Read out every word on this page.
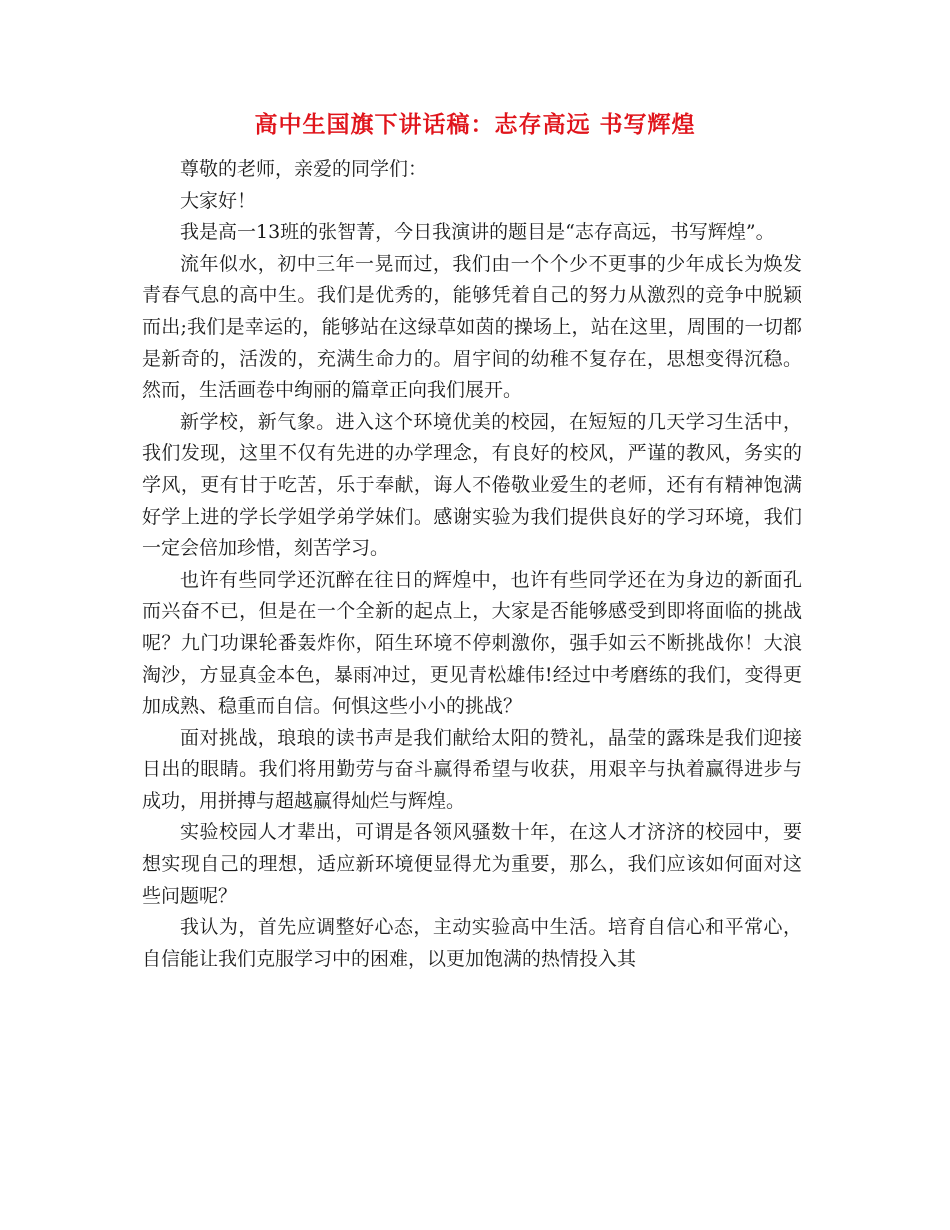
高中生国旗下讲话稿：志存高远 书写辉煌

尊敬的老师，亲爱的同学们：

大家好！

我是高一13班的张智菁，今日我演讲的题目是“志存高远，书写辉煌”。

流年似水，初中三年一晃而过，我们由一个个少不更事的少年成长为焕发青春气息的高中生。我们是优秀的，能够凭着自己的努力从激烈的竞争中脱颖而出;我们是幸运的，能够站在这绿草如茵的操场上，站在这里，周围的一切都是新奇的，活泼的，充满生命力的。眉宇间的幼稚不复存在，思想变得沉稳。然而，生活画卷中绚丽的篇章正向我们展开。

新学校，新气象。进入这个环境优美的校园，在短短的几天学习生活中，我们发现，这里不仅有先进的办学理念，有良好的校风，严谨的教风，务实的学风，更有甘于吃苦，乐于奉献，诲人不倦敬业爱生的老师，还有有精神饱满好学上进的学长学姐学弟学妹们。感谢实验为我们提供良好的学习环境，我们一定会倍加珍惜，刻苦学习。

也许有些同学还沉醉在往日的辉煌中，也许有些同学还在为身边的新面孔而兴奋不已，但是在一个全新的起点上，大家是否能够感受到即将面临的挑战呢？九门功课轮番轰炸你，陌生环境不停刺激你，强手如云不断挑战你！大浪淘沙，方显真金本色，暴雨冲过，更见青松雄伟!经过中考磨练的我们，变得更加成熟、稳重而自信。何惧这些小小的挑战？

面对挑战，琅琅的读书声是我们献给太阳的赞礼，晶莹的露珠是我们迎接日出的眼睛。我们将用勤劳与奋斗赢得希望与收获，用艰辛与执着赢得进步与成功，用拼搏与超越赢得灿烂与辉煌。

实验校园人才辈出，可谓是各领风骚数十年，在这人才济济的校园中，要想实现自己的理想，适应新环境便显得尤为重要，那么，我们应该如何面对这些问题呢？

我认为，首先应调整好心态，主动实验高中生活。培育自信心和平常心，自信能让我们克服学习中的困难，以更加饱满的热情投入其
